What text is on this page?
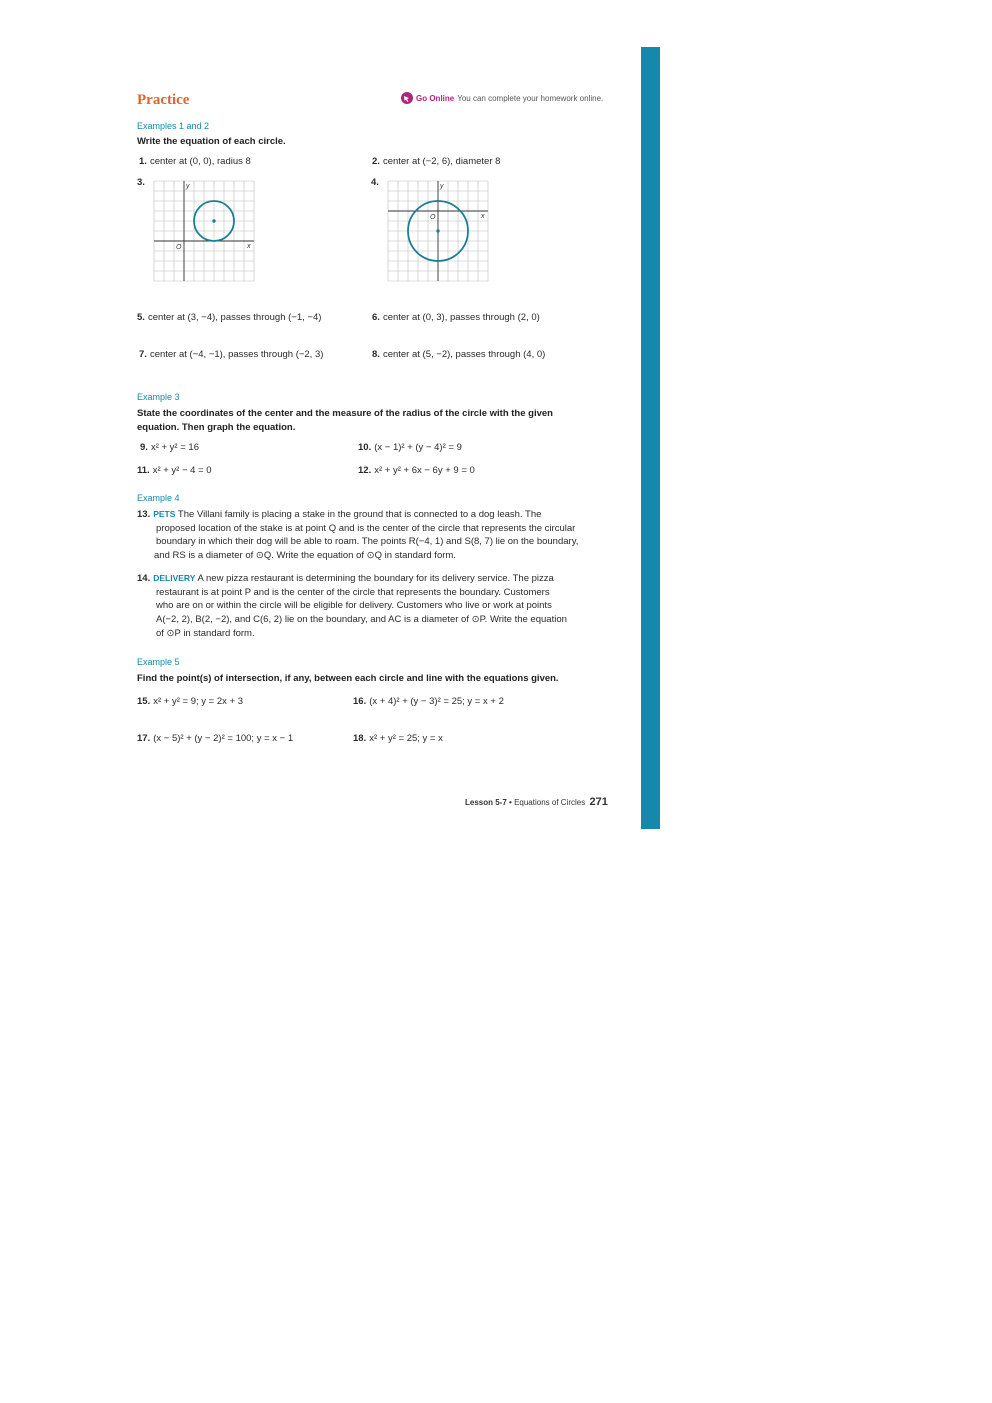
Practice	Go Online You can complete your homework online.
Examples 1 and 2
Write the equation of each circle.
1. center at (0, 0), radius 8	2. center at (−2, 6), diameter 8
3.	4.
x
y
O
x
y
O
5. center at (3, −4), passes through (−1, −4)	6. center at (0, 3), passes through (2, 0)
7. center at (−4, −1), passes through (−2, 3)	8. center at (5, −2), passes through (4, 0)
Example 3
State the coordinates of the center and the measure of the radius of the circle with the given
equation. Then graph the equation.
9. x² + y² = 16	10. (x − 1)² + (y − 4)² = 9
11. x² + y² − 4 = 0	12. x² + y² + 6x − 6y + 9 = 0
Example 4
13. PETS The Villani family is placing a stake in the ground that is connected to a dog leash. The
proposed location of the stake is at point Q and is the center of the circle that represents the circular
boundary in which their dog will be able to roam. The points R(−4, 1) and S(8, 7) lie on the boundary,
and RS is a diameter of ⊙Q. Write the equation of ⊙Q in standard form.
14. DELIVERY A new pizza restaurant is determining the boundary for its delivery service. The pizza
restaurant is at point P and is the center of the circle that represents the boundary. Customers
who are on or within the circle will be eligible for delivery. Customers who live or work at points
A(−2, 2), B(2, −2), and C(6, 2) lie on the boundary, and AC is a diameter of ⊙P. Write the equation
of ⊙P in standard form.
Example 5
Find the point(s) of intersection, if any, between each circle and line with the equations given.
15. x² + y² = 9; y = 2x + 3	16. (x + 4)² + (y − 3)² = 25; y = x + 2
17. (x − 5)² + (y − 2)² = 100; y = x − 1	18. x² + y² = 25; y = x
Lesson 5-7 • Equations of Circles 271
